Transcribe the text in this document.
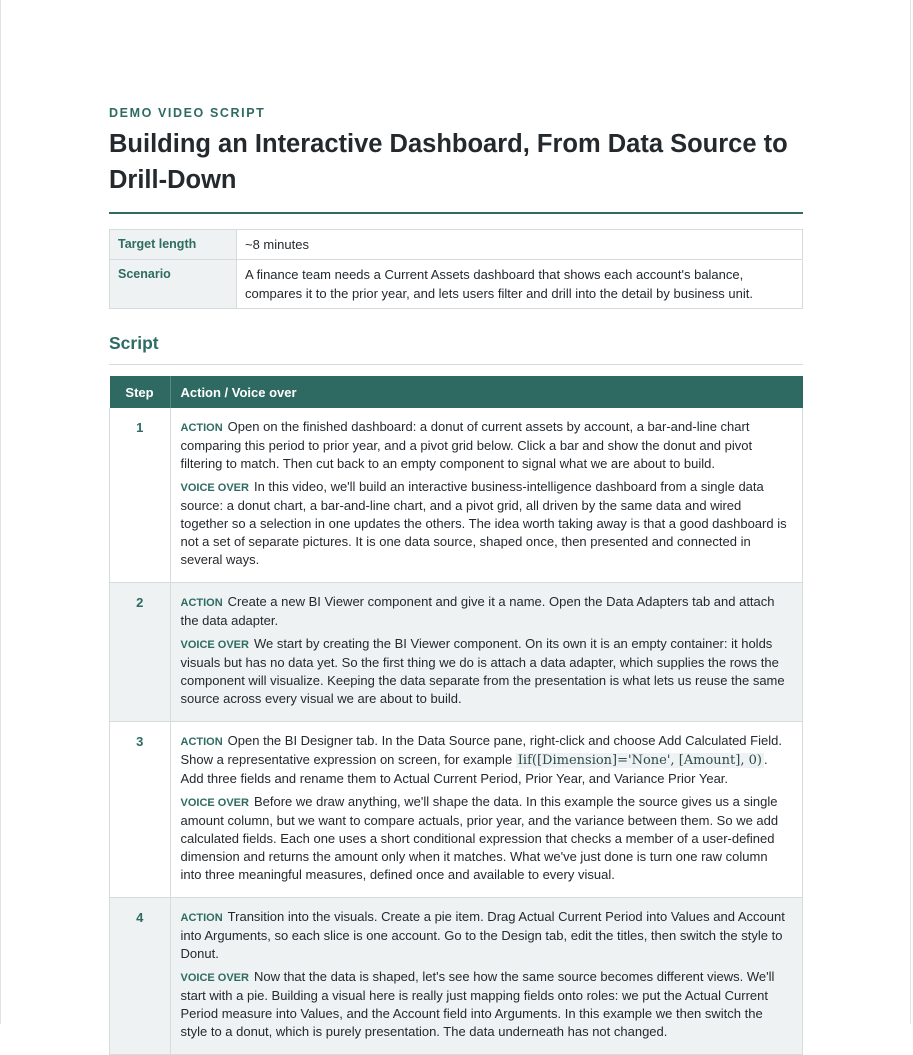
DEMO VIDEO SCRIPT
Building an Interactive Dashboard, From Data Source to Drill-Down
Target length	~8 minutes
Scenario	A finance team needs a Current Assets dashboard that shows each account's balance, compares it to the prior year, and lets users filter and drill into the detail by business unit.
Script
Step	Action / Voice over
1	ACTION Open on the finished dashboard: a donut of current assets by account, a bar-and-line chart comparing this period to prior year, and a pivot grid below. Click a bar and show the donut and pivot filtering to match. Then cut back to an empty component to signal what we are about to build.

VOICE OVER In this video, we'll build an interactive business-intelligence dashboard from a single data source: a donut chart, a bar-and-line chart, and a pivot grid, all driven by the same data and wired together so a selection in one updates the others. The idea worth taking away is that a good dashboard is not a set of separate pictures. It is one data source, shaped once, then presented and connected in several ways.

2	ACTION Create a new BI Viewer component and give it a name. Open the Data Adapters tab and attach the data adapter.

VOICE OVER We start by creating the BI Viewer component. On its own it is an empty container: it holds visuals but has no data yet. So the first thing we do is attach a data adapter, which supplies the rows the component will visualize. Keeping the data separate from the presentation is what lets us reuse the same source across every visual we are about to build.

3	ACTION Open the BI Designer tab. In the Data Source pane, right-click and choose Add Calculated Field. Show a representative expression on screen, for example Iif([Dimension]='None', [Amount], 0) . Add three fields and rename them to Actual Current Period, Prior Year, and Variance Prior Year.

VOICE OVER Before we draw anything, we'll shape the data. In this example the source gives us a single amount column, but we want to compare actuals, prior year, and the variance between them. So we add calculated fields. Each one uses a short conditional expression that checks a member of a user-defined dimension and returns the amount only when it matches. What we've just done is turn one raw column into three meaningful measures, defined once and available to every visual.

4	ACTION Transition into the visuals. Create a pie item. Drag Actual Current Period into Values and Account into Arguments, so each slice is one account. Go to the Design tab, edit the titles, then switch the style to Donut.

VOICE OVER Now that the data is shaped, let's see how the same source becomes different views. We'll start with a pie. Building a visual here is really just mapping fields onto roles: we put the Actual Current Period measure into Values, and the Account field into Arguments. In this example we then switch the style to a donut, which is purely presentation. The data underneath has not changed.
